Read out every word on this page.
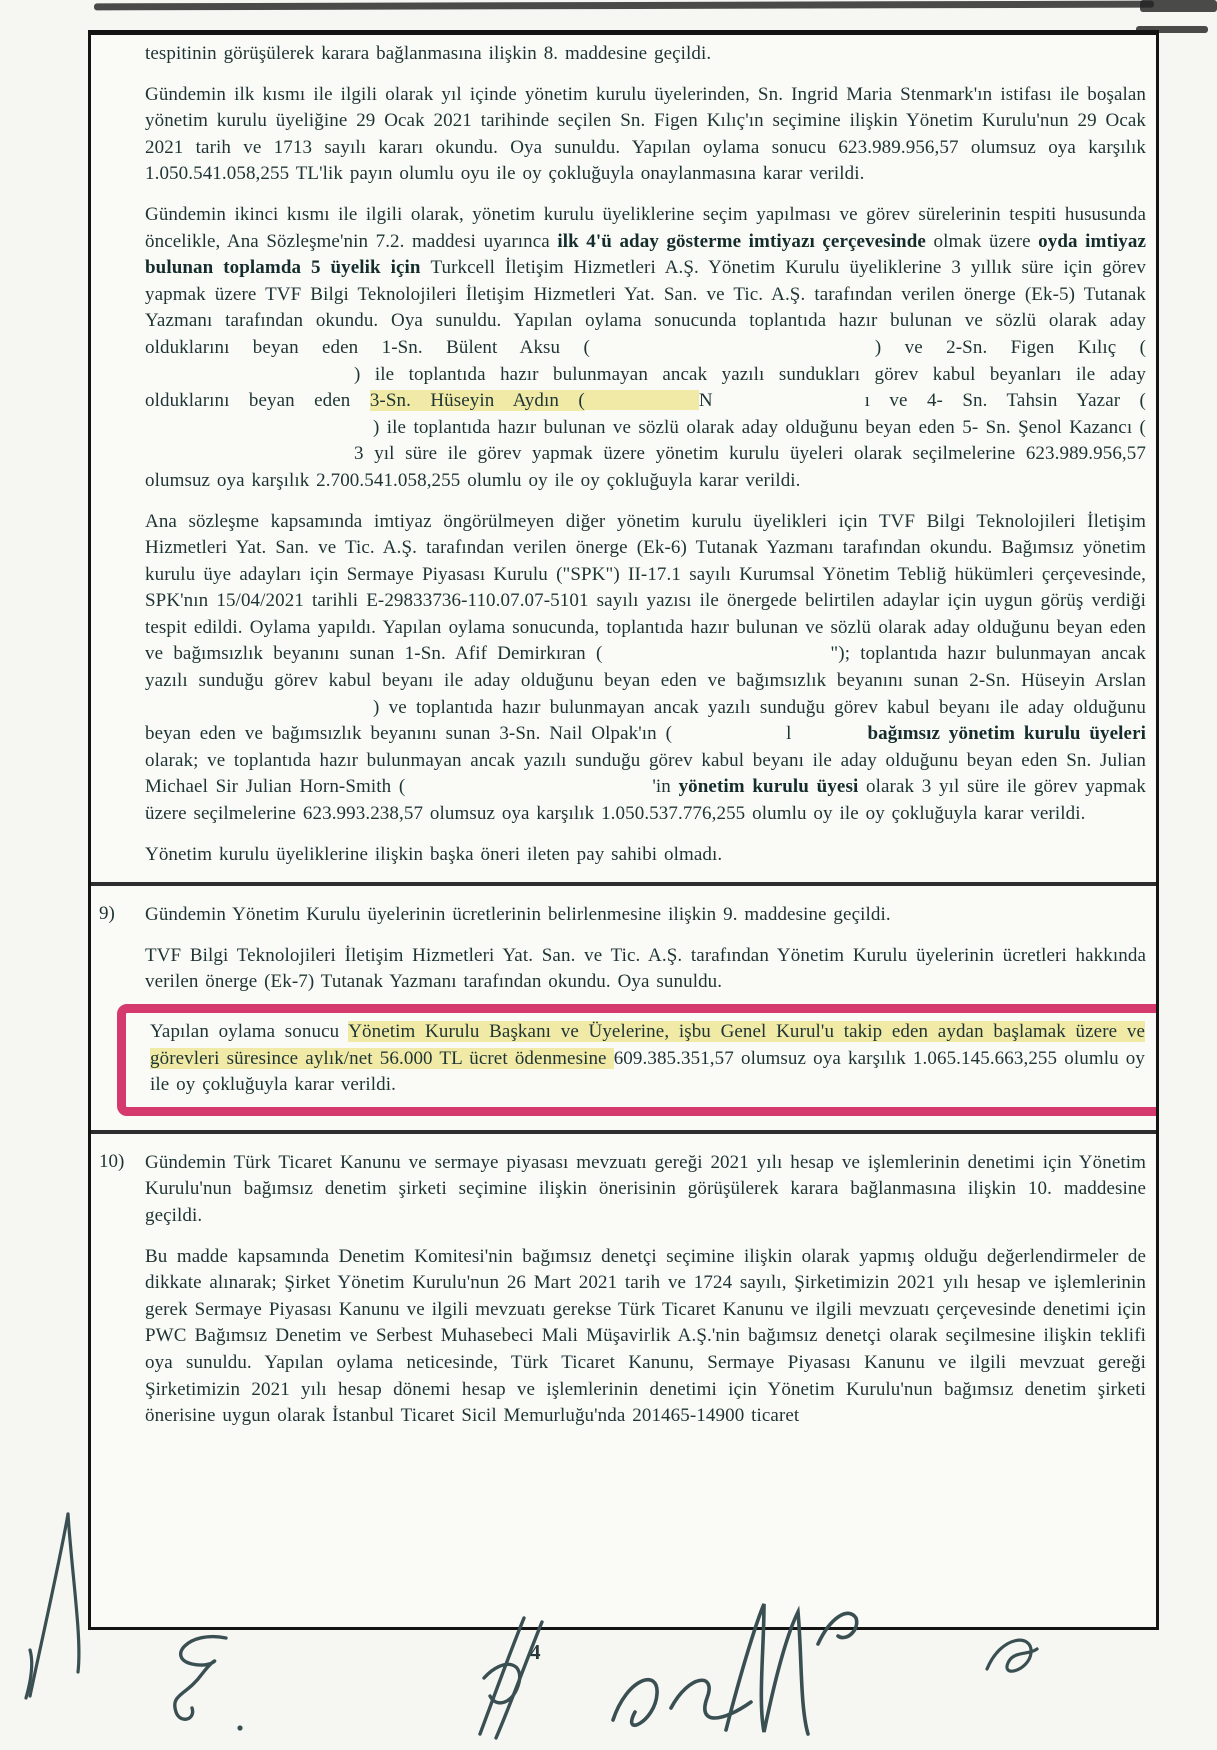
tespitinin görüşülerek karara bağlanmasına ilişkin 8. maddesine geçildi.
Gündemin ilk kısmı ile ilgili olarak yıl içinde yönetim kurulu üyelerinden, Sn. Ingrid Maria Stenmark'ın istifası ile boşalan yönetim kurulu üyeliğine 29 Ocak 2021 tarihinde seçilen Sn. Figen Kılıç'ın seçimine ilişkin Yönetim Kurulu'nun 29 Ocak 2021 tarih ve 1713 sayılı kararı okundu. Oya sunuldu. Yapılan oylama sonucu 623.989.956,57 olumsuz oya karşılık 1.050.541.058,255 TL'lik payın olumlu oyu ile oy çokluğuyla onaylanmasına karar verildi.
Gündemin ikinci kısmı ile ilgili olarak, yönetim kurulu üyeliklerine seçim yapılması ve görev sürelerinin tespiti hususunda öncelikle, Ana Sözleşme'nin 7.2. maddesi uyarınca ilk 4'ü aday gösterme imtiyazı çerçevesinde olmak üzere oyda imtiyaz bulunan toplamda 5 üyelik için Turkcell İletişim Hizmetleri A.Ş. Yönetim Kurulu üyeliklerine 3 yıllık süre için görev yapmak üzere TVF Bilgi Teknolojileri İletişim Hizmetleri Yat. San. ve Tic. A.Ş. tarafından verilen önerge (Ek-5) Tutanak Yazmanı tarafından okundu. Oya sunuldu. Yapılan oylama sonucunda toplantıda hazır bulunan ve sözlü olarak aday olduklarını beyan eden 1-Sn. Bülent Aksu (	) ve 2-Sn. Figen Kılıç () ile toplantıda hazır bulunmayan ancak yazılı sundukları görev kabul beyanları ile aday olduklarını beyan eden 3-Sn. Hüseyin Aydın (	N	ı ve 4- Sn. Tahsin Yazar () ile toplantıda hazır bulunan ve sözlü olarak aday olduğunu beyan eden 5- Sn. Şenol Kazancı (3 yıl süre ile görev yapmak üzere yönetim kurulu üyeleri olarak seçilmelerine 623.989.956,57 olumsuz oya karşılık 2.700.541.058,255 olumlu oy ile oy çokluğuyla karar verildi.
Ana sözleşme kapsamında imtiyaz öngörülmeyen diğer yönetim kurulu üyelikleri için TVF Bilgi Teknolojileri İletişim Hizmetleri Yat. San. ve Tic. A.Ş. tarafından verilen önerge (Ek-6) Tutanak Yazmanı tarafından okundu. Bağımsız yönetim kurulu üye adayları için Sermaye Piyasası Kurulu ("SPK") II-17.1 sayılı Kurumsal Yönetim Tebliğ hükümleri çerçevesinde, SPK'nın 15/04/2021 tarihli E-29833736-110.07.07-5101 sayılı yazısı ile önergede belirtilen adaylar için uygun görüş verdiği tespit edildi. Oylama yapıldı. Yapılan oylama sonucunda, toplantıda hazır bulunan ve sözlü olarak aday olduğunu beyan eden ve bağımsızlık beyanını sunan 1-Sn. Afif Demirkıran (	"); toplantıda hazır bulunmayan ancak yazılı sunduğu görev kabul beyanı ile aday olduğunu beyan eden ve bağımsızlık beyanını sunan 2-Sn. Hüseyin Arslan) ve toplantıda hazır bulunmayan ancak yazılı sunduğu görev kabul beyanı ile aday olduğunu beyan eden ve bağımsızlık beyanını sunan 3-Sn. Nail Olpak'ın (	l	bağımsız yönetim kurulu üyeleri olarak; ve toplantıda hazır bulunmayan ancak yazılı sunduğu görev kabul beyanı ile aday olduğunu beyan eden Sn. Julian Michael Sir Julian Horn-Smith (	'in yönetim kurulu üyesi olarak 3 yıl süre ile görev yapmak üzere seçilmelerine 623.993.238,57 olumsuz oya karşılık 1.050.537.776,255 olumlu oy ile oy çokluğuyla karar verildi.
Yönetim kurulu üyeliklerine ilişkin başka öneri ileten pay sahibi olmadı.
9) Gündemin Yönetim Kurulu üyelerinin ücretlerinin belirlenmesine ilişkin 9. maddesine geçildi.
TVF Bilgi Teknolojileri İletişim Hizmetleri Yat. San. ve Tic. A.Ş. tarafından Yönetim Kurulu üyelerinin ücretleri hakkında verilen önerge (Ek-7) Tutanak Yazmanı tarafından okundu. Oya sunuldu.
Yapılan oylama sonucu Yönetim Kurulu Başkanı ve Üyelerine, işbu Genel Kurul'u takip eden aydan başlamak üzere ve görevleri süresince aylık/net 56.000 TL ücret ödenmesine 609.385.351,57 olumsuz oya karşılık 1.065.145.663,255 olumlu oy ile oy çokluğuyla karar verildi.
10) Gündemin Türk Ticaret Kanunu ve sermaye piyasası mevzuatı gereği 2021 yılı hesap ve işlemlerinin denetimi için Yönetim Kurulu'nun bağımsız denetim şirketi seçimine ilişkin önerisinin görüşülerek karara bağlanmasına ilişkin 10. maddesine geçildi.
Bu madde kapsamında Denetim Komitesi'nin bağımsız denetçi seçimine ilişkin olarak yapmış olduğu değerlendirmeler de dikkate alınarak; Şirket Yönetim Kurulu'nun 26 Mart 2021 tarih ve 1724 sayılı, Şirketimizin 2021 yılı hesap ve işlemlerinin gerek Sermaye Piyasası Kanunu ve ilgili mevzuatı gerekse Türk Ticaret Kanunu ve ilgili mevzuatı çerçevesinde denetimi için PWC Bağımsız Denetim ve Serbest Muhasebeci Mali Müşavirlik A.Ş.'nin bağımsız denetçi olarak seçilmesine ilişkin teklifi oya sunuldu. Yapılan oylama neticesinde, Türk Ticaret Kanunu, Sermaye Piyasası Kanunu ve ilgili mevzuat gereği Şirketimizin 2021 yılı hesap dönemi hesap ve işlemlerinin denetimi için Yönetim Kurulu'nun bağımsız denetim şirketi önerisine uygun olarak İstanbul Ticaret Sicil Memurluğu'nda 201465-14900 ticaret
4
